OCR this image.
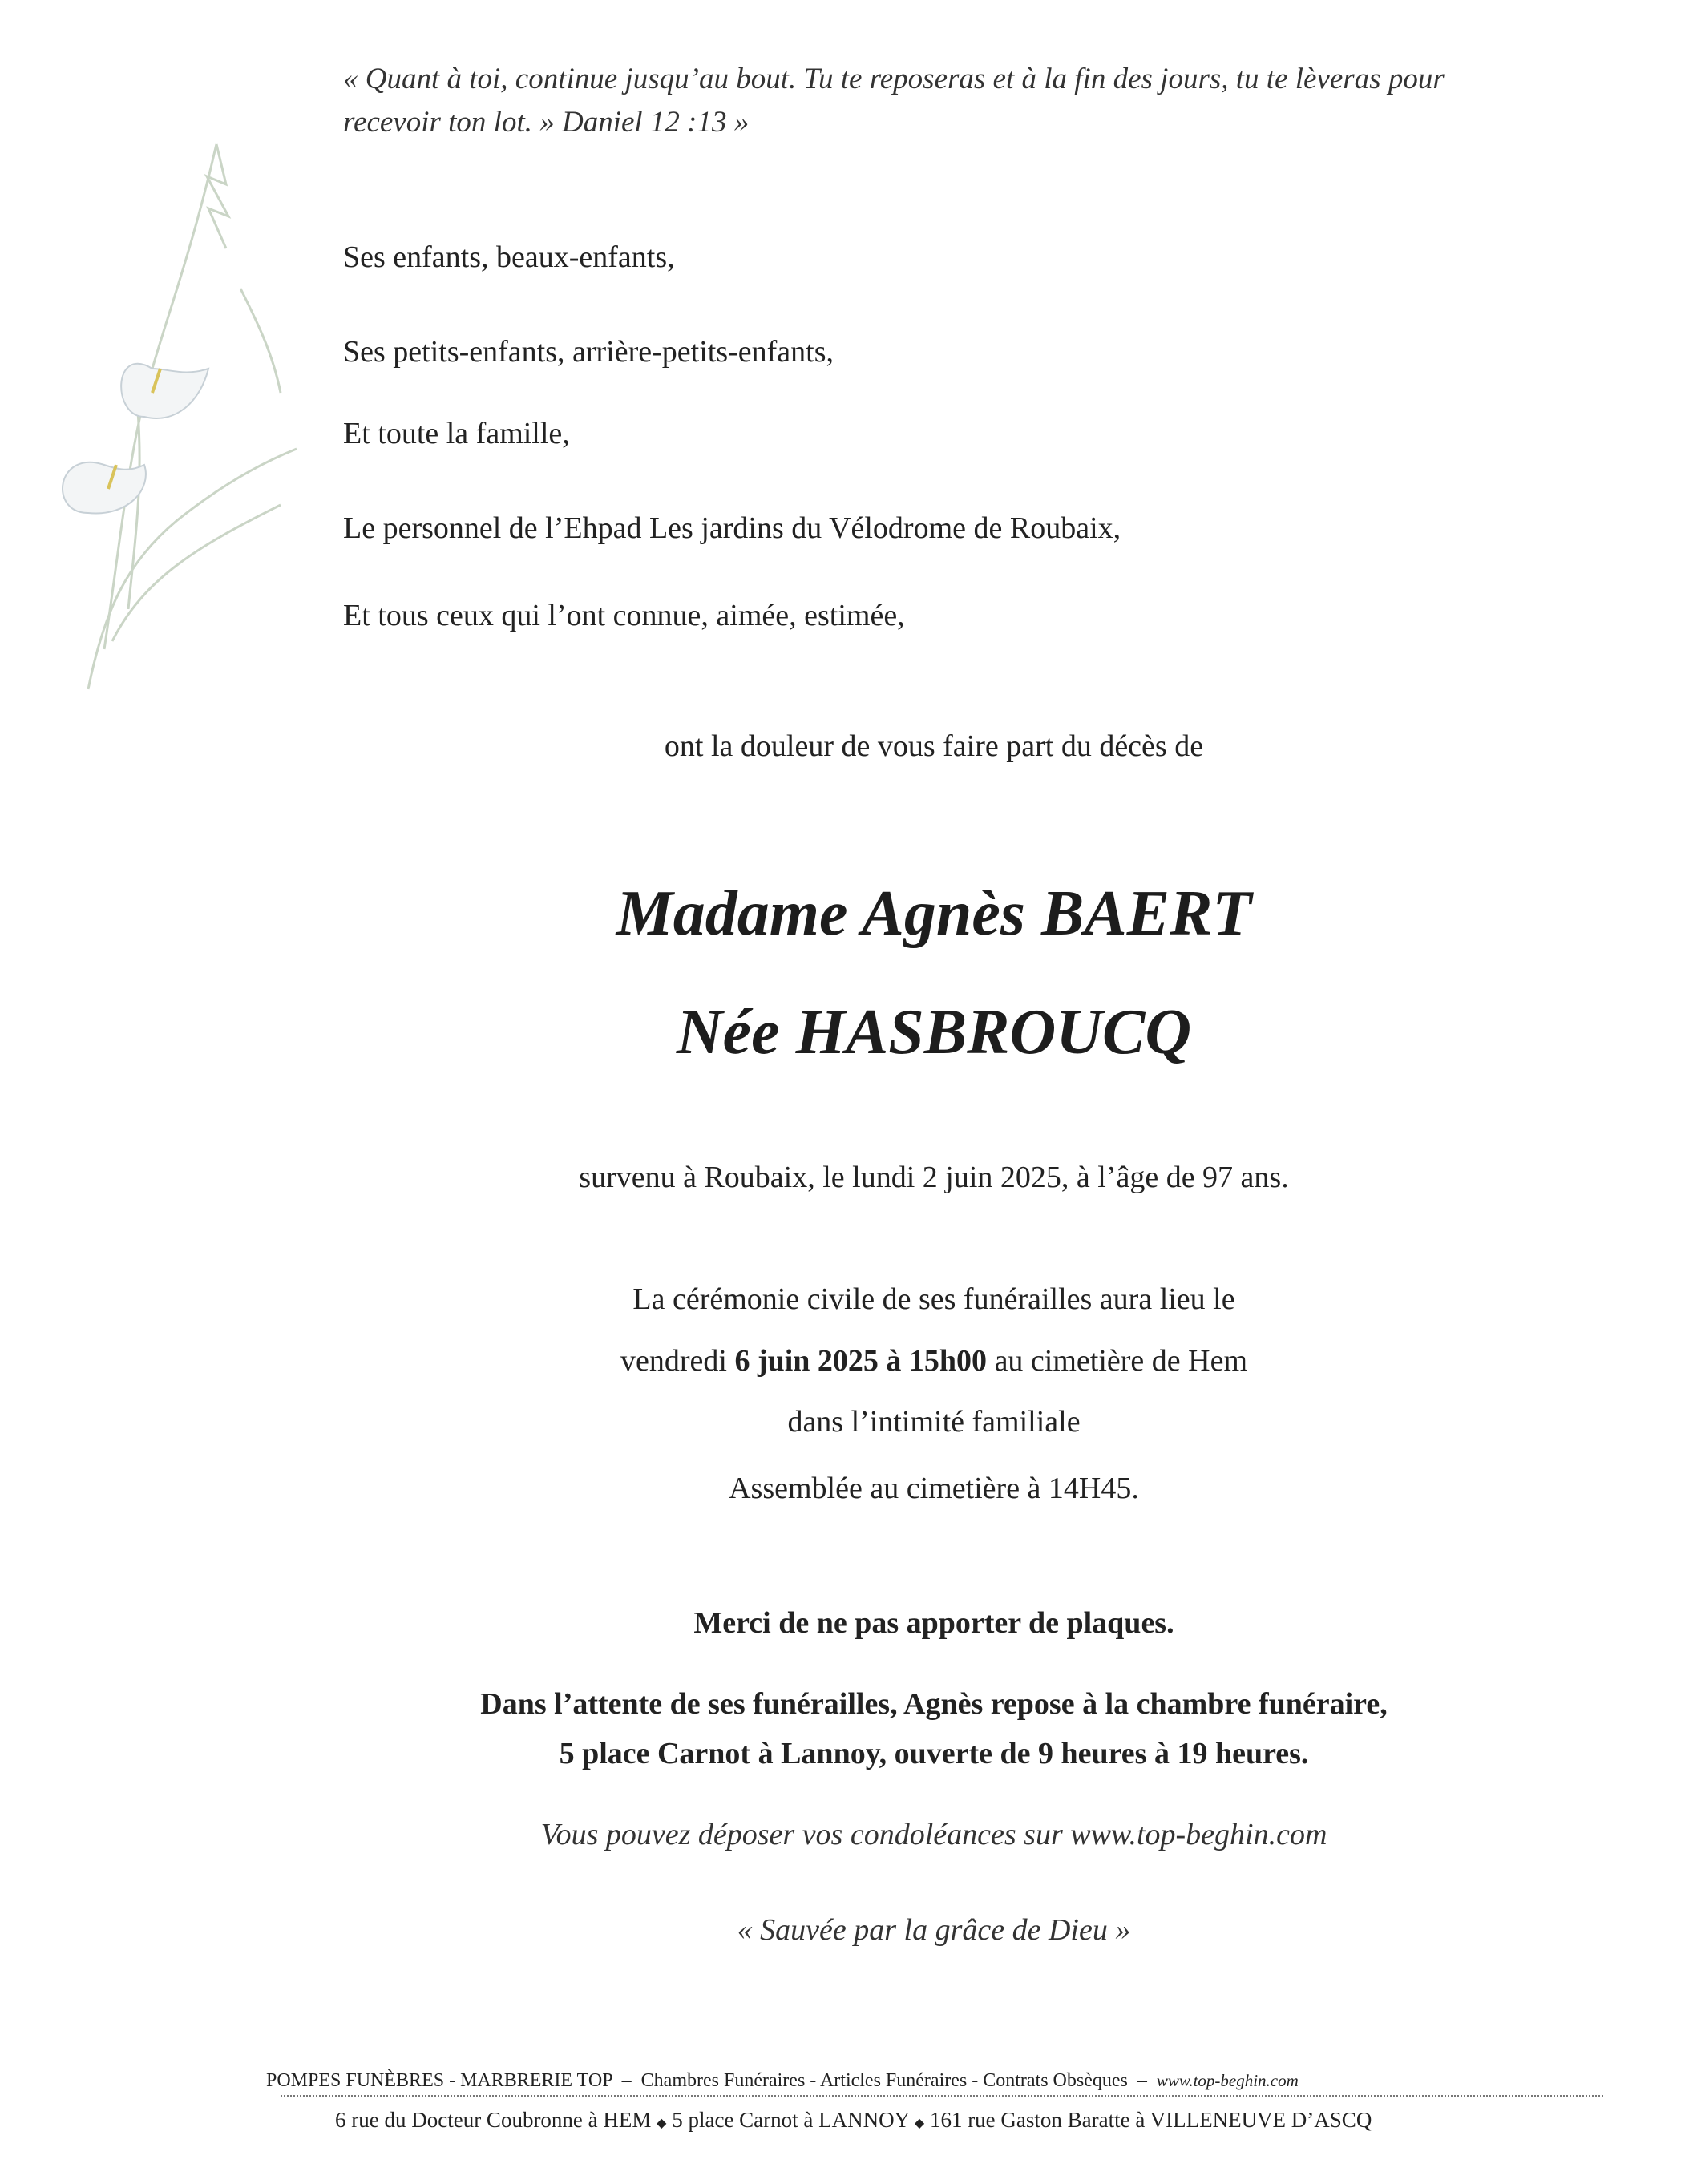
« Quant à toi, continue jusqu’au bout. Tu te reposeras et à la fin des jours, tu te lèveras pour
recevoir ton lot. » Daniel 12 :13 »
Ses enfants, beaux-enfants,
Ses petits-enfants, arrière-petits-enfants,
Et toute la famille,
Le personnel de l’Ehpad Les jardins du Vélodrome de Roubaix,
Et tous ceux qui l’ont connue, aimée, estimée,
ont la douleur de vous faire part du décès de
Madame Agnès BAERT
Née HASBROUCQ
survenu à Roubaix, le lundi 2 juin 2025, à l’âge de 97 ans.
La cérémonie civile de ses funérailles aura lieu le
vendredi 6 juin 2025 à 15h00 au cimetière de Hem
dans l’intimité familiale
Assemblée au cimetière à 14H45.
Merci de ne pas apporter de plaques.
Dans l’attente de ses funérailles, Agnès repose à la chambre funéraire,
5 place Carnot à Lannoy, ouverte de 9 heures à 19 heures.
Vous pouvez déposer vos condoléances sur www.top-beghin.com
« Sauvée par la grâce de Dieu »
POMPES FUNÈBRES - MARBRERIE TOP – Chambres Funéraires - Articles Funéraires - Contrats Obsèques – www.top-beghin.com
6 rue du Docteur Coubronne à HEM ◆ 5 place Carnot à LANNOY ◆ 161 rue Gaston Baratte à VILLENEUVE D’ASCQ
